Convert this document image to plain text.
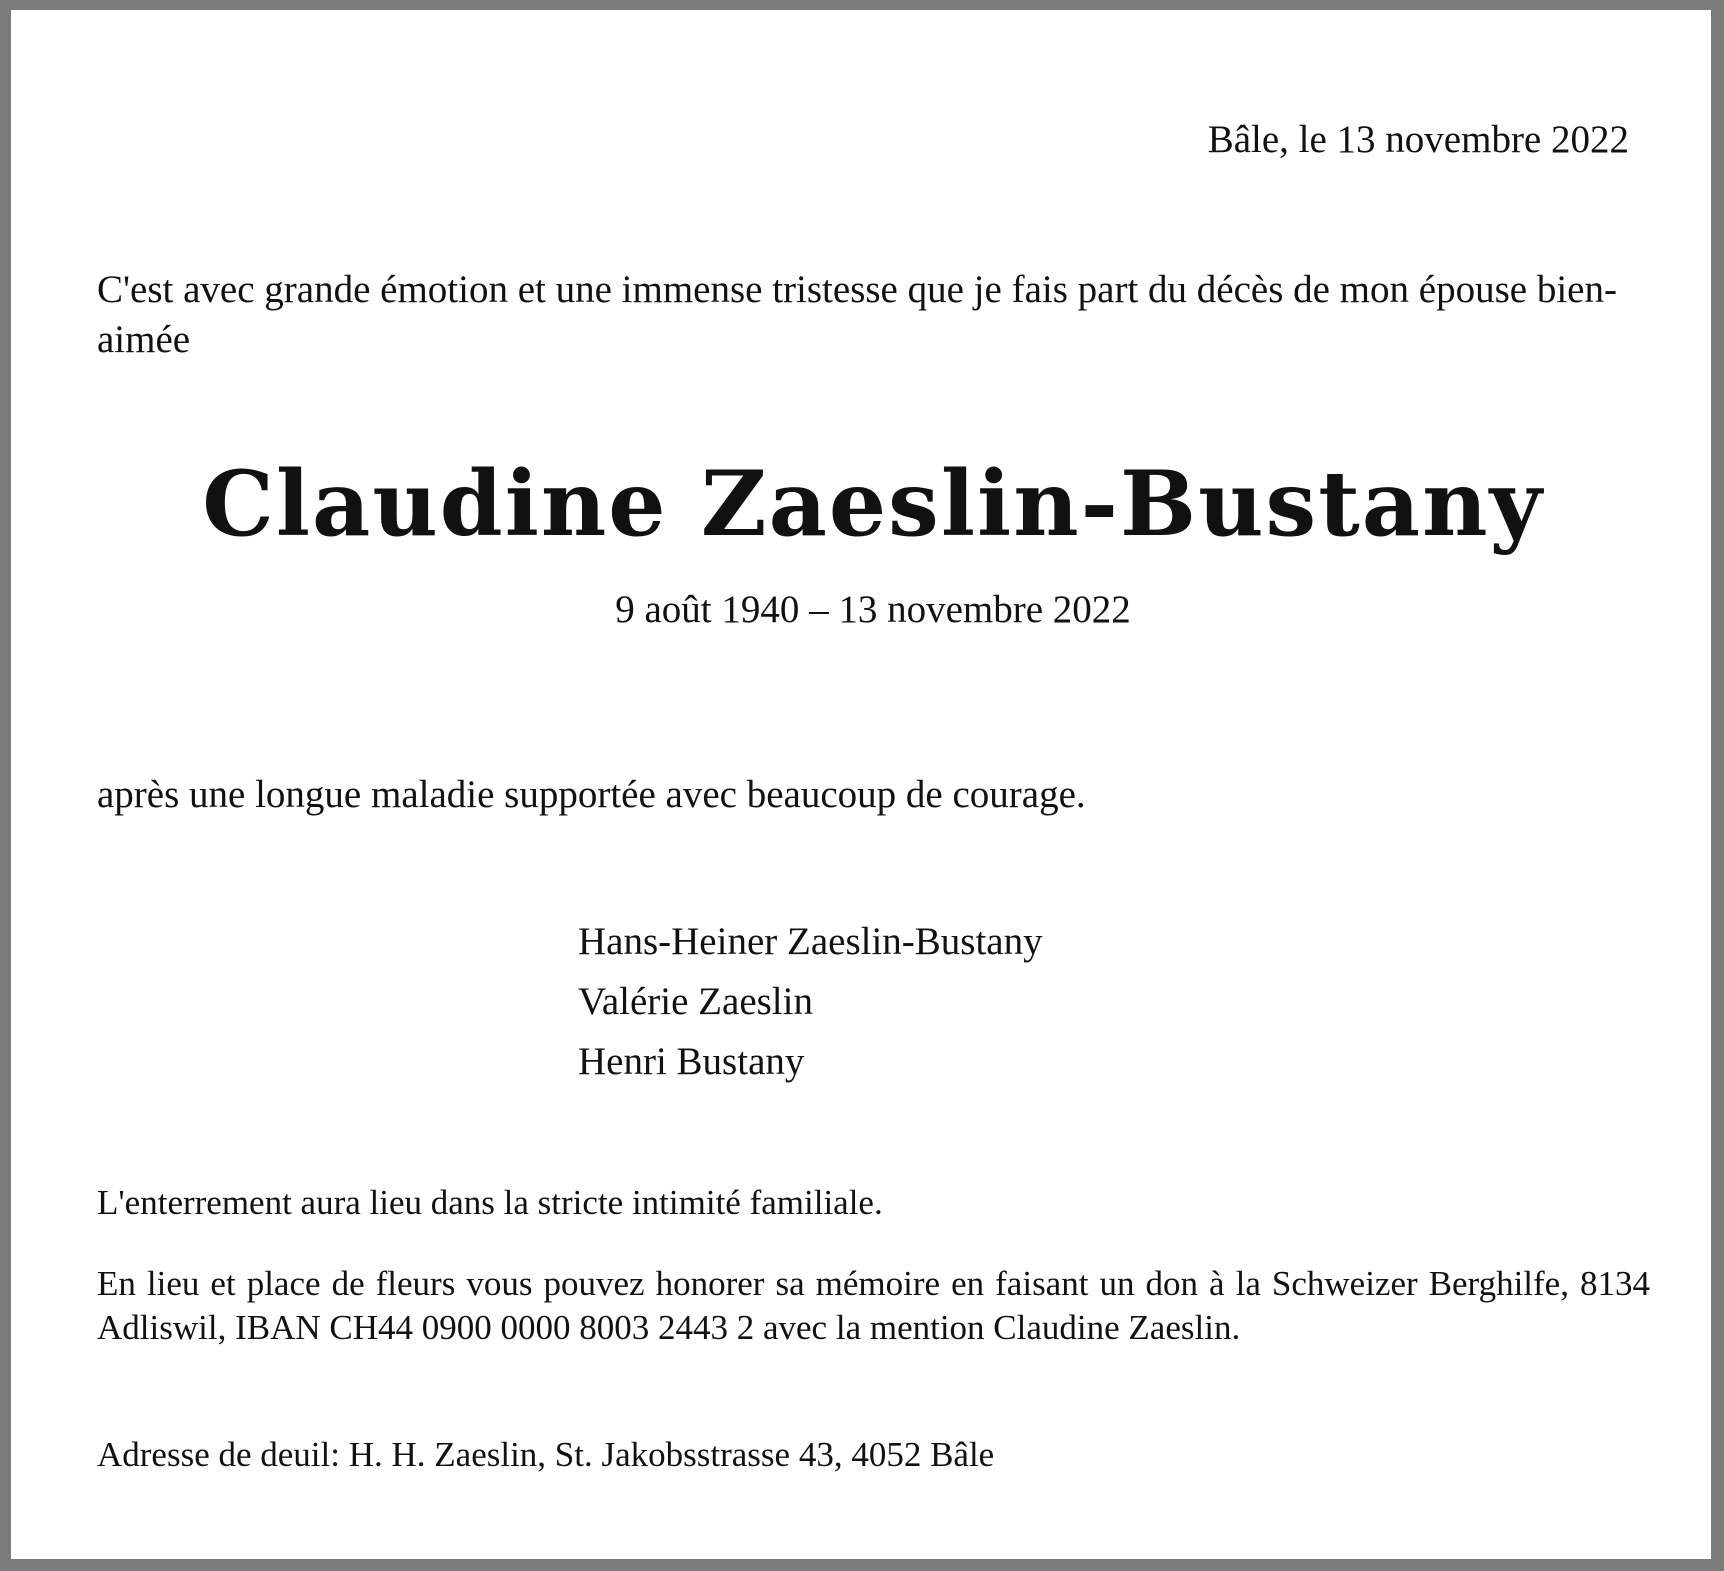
Bâle, le 13 novembre 2022
C'est avec grande émotion et une immense tristesse que je fais part du décès de mon épouse bien-aimée
Claudine Zaeslin-Bustany
9 août 1940 – 13 novembre 2022
après une longue maladie supportée avec beaucoup de courage.
Hans-Heiner Zaeslin-Bustany
Valérie Zaeslin
Henri Bustany
L'enterrement aura lieu dans la stricte intimité familiale.
En lieu et place de fleurs vous pouvez honorer sa mémoire en faisant un don à la Schweizer Berghilfe, 8134 Adliswil, IBAN CH44 0900 0000 8003 2443 2 avec la mention Claudine Zaeslin.
Adresse de deuil: H. H. Zaeslin, St. Jakobsstrasse 43, 4052 Bâle
